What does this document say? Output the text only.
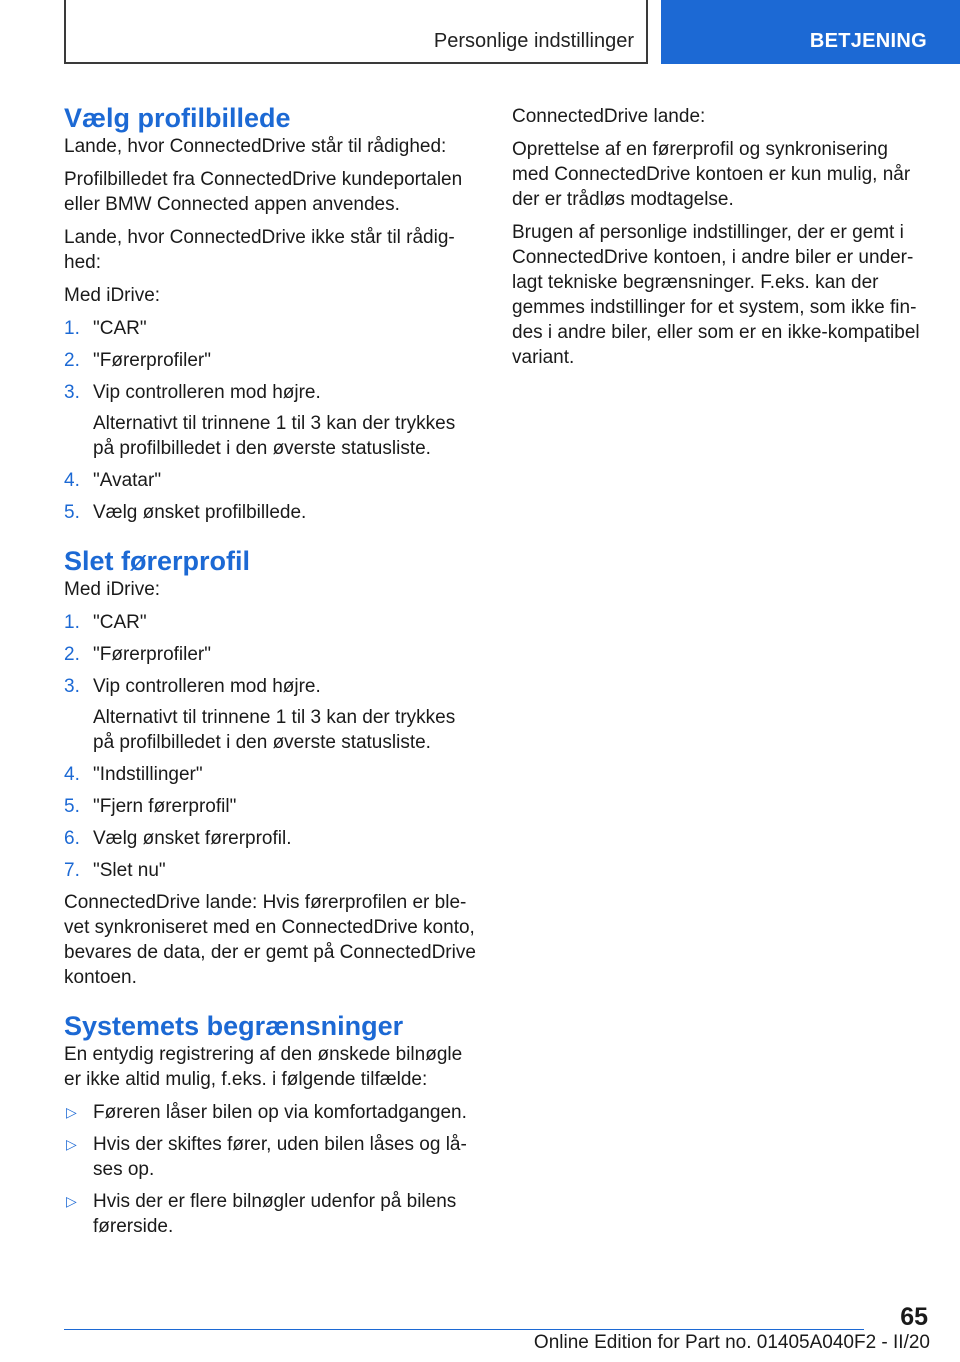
Personlige indstillinger	BETJENING
Vælg profilbillede

Lande, hvor ConnectedDrive står til rådighed:

Profilbilledet fra ConnectedDrive kundeportalen eller BMW Connected appen anvendes.

Lande, hvor ConnectedDrive ikke står til rådighed:

Med iDrive:

1. "CAR"
2. "Førerprofiler"
3. Vip controlleren mod højre.
Alternativt til trinnene 1 til 3 kan der trykkes på profilbilledet i den øverste statusliste.
4. "Avatar"
5. Vælg ønsket profilbillede.
Slet førerprofil

Med iDrive:

1. "CAR"
2. "Førerprofiler"
3. Vip controlleren mod højre.
Alternativt til trinnene 1 til 3 kan der trykkes på profilbilledet i den øverste statusliste.
4. "Indstillinger"
5. "Fjern førerprofil"
6. Vælg ønsket førerprofil.
7. "Slet nu"

ConnectedDrive lande: Hvis førerprofilen er blevet synkroniseret med en ConnectedDrive konto, bevares de data, der er gemt på ConnectedDrive kontoen.

Systemets begrænsninger

En entydig registrering af den ønskede bilnøgle er ikke altid mulig, f.eks. i følgende tilfælde:

▷ Føreren låser bilen op via komfortadgangen.
▷ Hvis der skiftes fører, uden bilen låses og låses op.
▷ Hvis der er flere bilnøgler udenfor på bilens førerside.

ConnectedDrive lande:

Oprettelse af en førerprofil og synkronisering med ConnectedDrive kontoen er kun mulig, når der er trådløs modtagelse.

Brugen af personlige indstillinger, der er gemt i ConnectedDrive kontoen, i andre biler er underlagt tekniske begrænsninger. F.eks. kan der gemmes indstillinger for et system, som ikke findes i andre biler, eller som er en ikke-kompatibel variant.

65
Online Edition for Part no. 01405A040F2 - II/20
